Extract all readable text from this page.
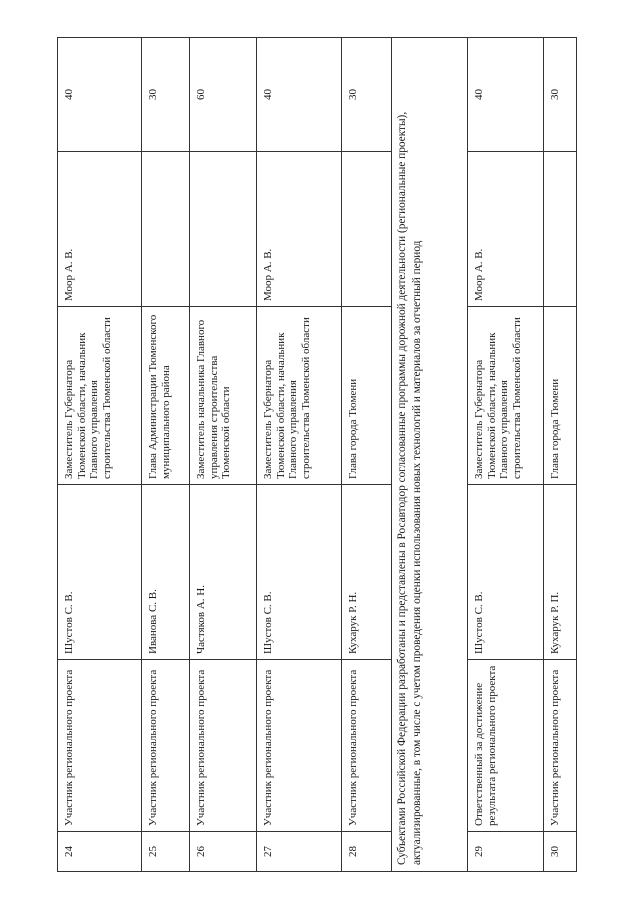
24
Участник регионального проекта
Шустов С. В.
Заместитель Губернатора Тюменской области, начальник Главного управления строительства Тюменской области
Моор А. В.
40
25
Участник регионального проекта
Иванова С. В.
Глава Администрации Тюменского муниципального района
30
26
Участник регионального проекта
Частяков А. Н.
Заместитель начальника Главного управления строительства Тюменской области
60
27
Участник регионального проекта
Шустов С. В.
Заместитель Губернатора Тюменской области, начальник Главного управления строительства Тюменской области
Моор А. В.
40
28
Участник регионального проекта
Кухарук Р. Н.
Глава города Тюмени
30
Субъектами Российской Федерации разработаны и представлены в Росавтодор согласованные программы дорожной деятельности (региональные проекты), актуализированные, в том числе с учетом проведения оценки использования новых технологий и материалов за отчетный период	29
Ответственный за достижение результата регионального проекта
Шустов С. В.
Заместитель Губернатора Тюменской области, начальник Главного управления строительства Тюменской области
Моор А. В.
40
30
Участник регионального проекта
Кухарук Р. П.
Глава города Тюмени
30
